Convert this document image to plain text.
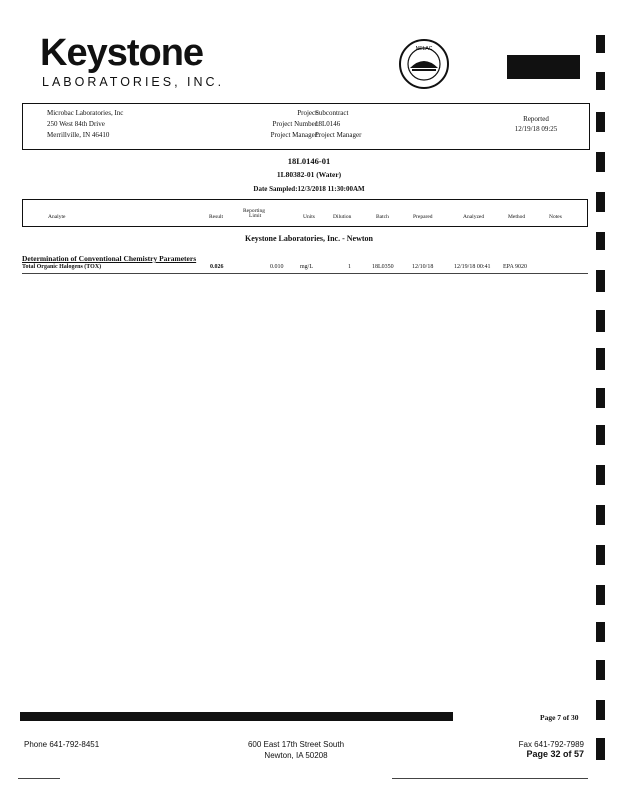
Keystone
LABORATORIES, INC.
NELAC
Microbac Laboratories, Inc
250 West 84th Drive
Merrillville, IN 46410
Project:
Subcontract
Project Number:
18L0146
Project Manager:
Project Manager
Reported
12/19/18 09:25
18L0146-01
1L80382-01 (Water)
Date Sampled:12/3/2018 11:30:00AM
Analyte	Result
Reporting
Limit	Units	Dilution	Batch	Prepared	Analyzed	Method	Notes
Keystone Laboratories, Inc. - Newton
Determination of Conventional Chemistry Parameters
Total Organic Halogens (TOX)	0.026	0.010	mg/L	1	18L0350	12/10/18	12/19/18 00:41 EPA 9020
Page 7 of 30
Phone 641-792-8451	600 East 17th Street South
Newton, IA 50208
Fax 641-792-7989
Page 32 of 57
